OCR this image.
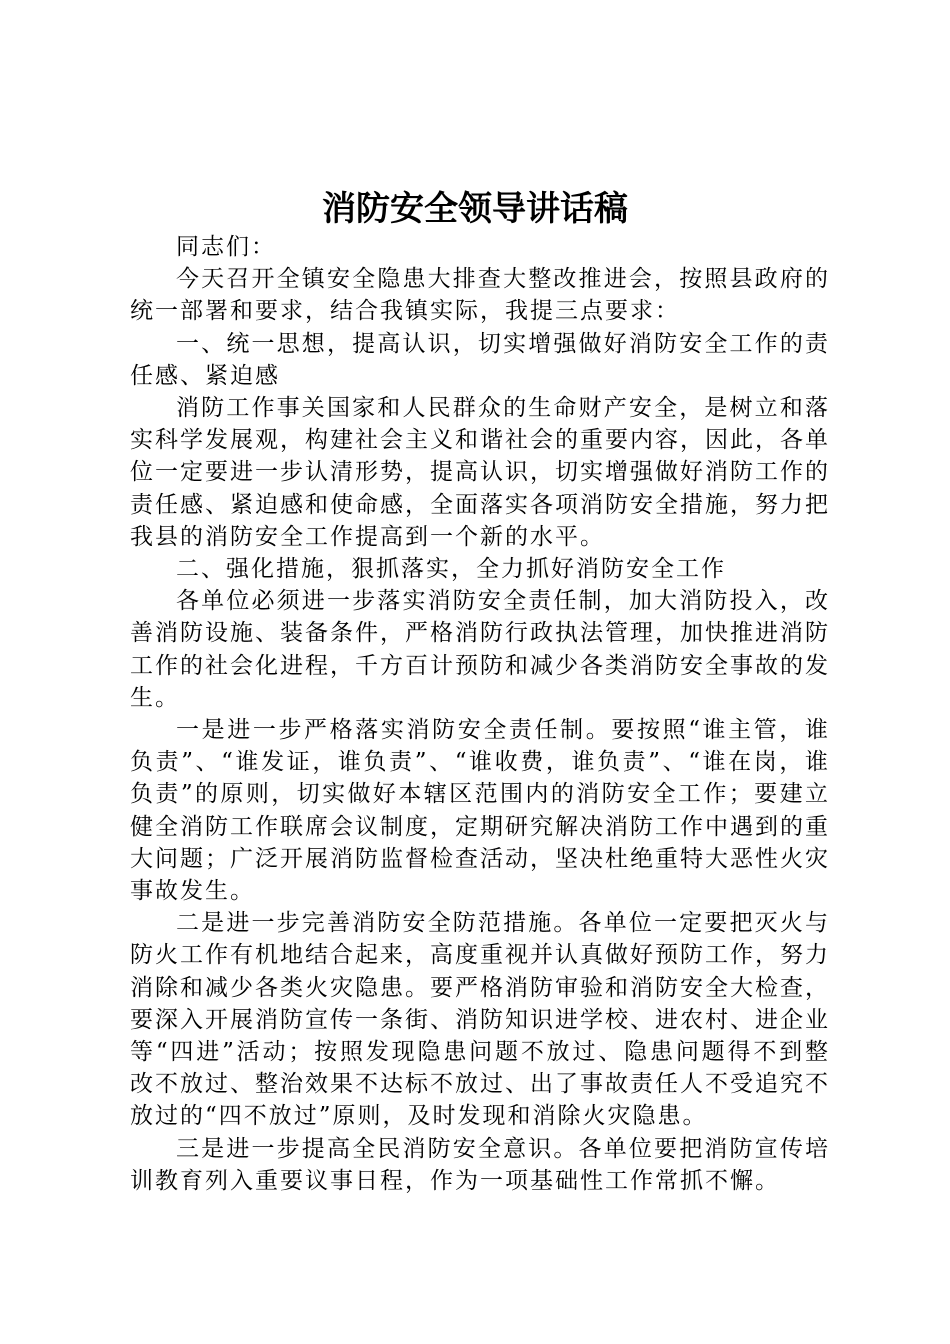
消防安全领导讲话稿

同志们：

今天召开全镇安全隐患大排查大整改推进会，按照县政府的统一部署和要求，结合我镇实际，我提三点要求：

一、统一思想，提高认识，切实增强做好消防安全工作的责任感、紧迫感

消防工作事关国家和人民群众的生命财产安全，是树立和落实科学发展观，构建社会主义和谐社会的重要内容，因此，各单位一定要进一步认清形势，提高认识，切实增强做好消防工作的责任感、紧迫感和使命感，全面落实各项消防安全措施，努力把我县的消防安全工作提高到一个新的水平。

二、强化措施，狠抓落实，全力抓好消防安全工作

各单位必须进一步落实消防安全责任制，加大消防投入，改善消防设施、装备条件，严格消防行政执法管理，加快推进消防工作的社会化进程，千方百计预防和减少各类消防安全事故的发生。

一是进一步严格落实消防安全责任制。要按照“谁主管，谁负责”、“谁发证，谁负责”、“谁收费，谁负责”、“谁在岗，谁负责”的原则，切实做好本辖区范围内的消防安全工作；要建立健全消防工作联席会议制度，定期研究解决消防工作中遇到的重大问题；广泛开展消防监督检查活动，坚决杜绝重特大恶性火灾事故发生。

二是进一步完善消防安全防范措施。各单位一定要把灭火与防火工作有机地结合起来，高度重视并认真做好预防工作，努力消除和减少各类火灾隐患。要严格消防审验和消防安全大检查，要深入开展消防宣传一条街、消防知识进学校、进农村、进企业等“四进”活动；按照发现隐患问题不放过、隐患问题得不到整改不放过、整治效果不达标不放过、出了事故责任人不受追究不放过的“四不放过”原则，及时发现和消除火灾隐患。

三是进一步提高全民消防安全意识。各单位要把消防宣传培训教育列入重要议事日程，作为一项基础性工作常抓不懈。
